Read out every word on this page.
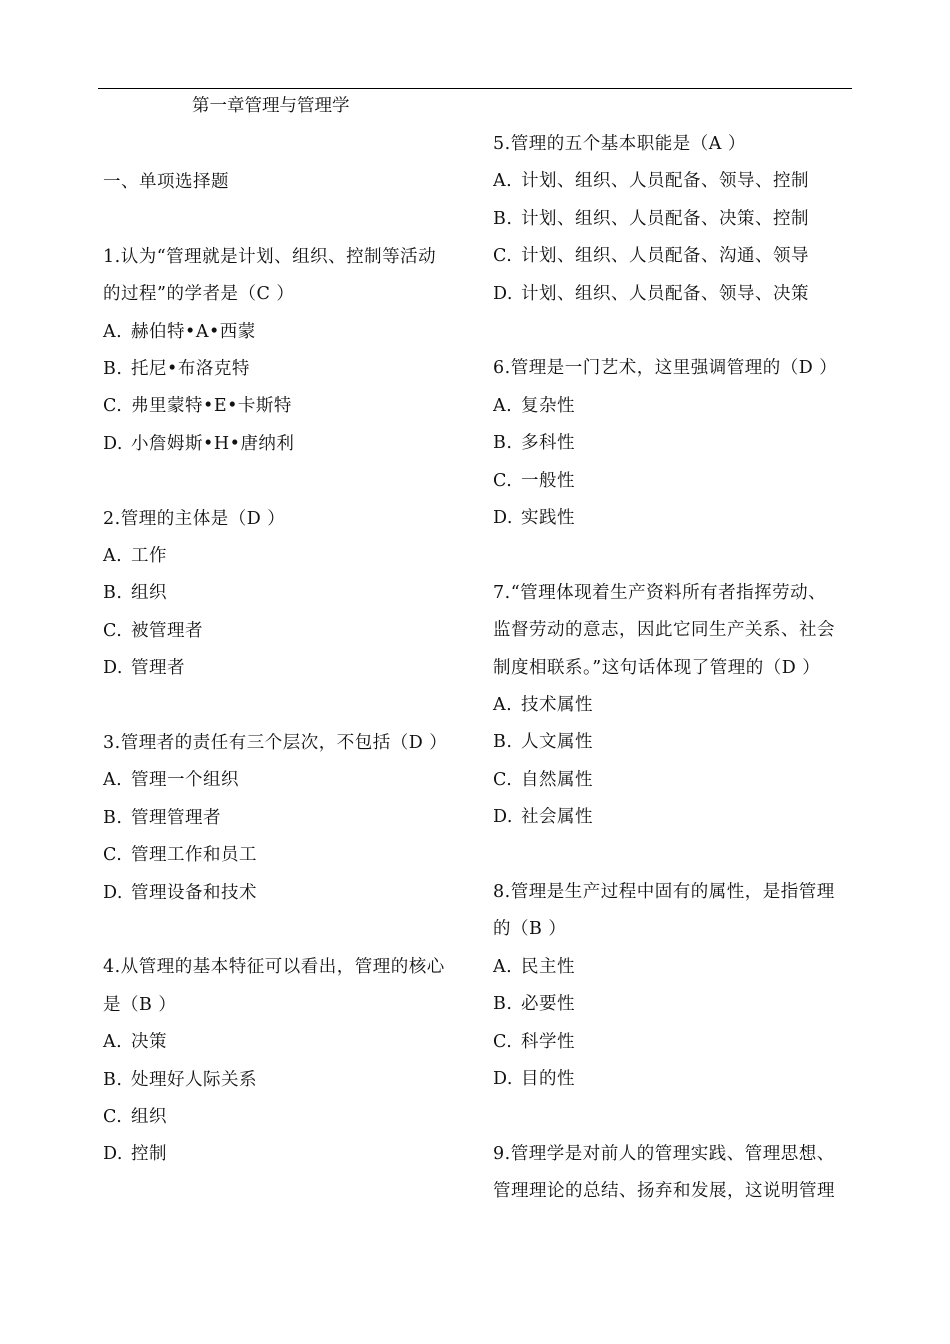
第一章管理与管理学
一、单项选择题
1.认为“管理就是计划、组织、控制等活动
的过程”的学者是（C ）
A. 赫伯特•A•西蒙
B. 托尼•布洛克特
C. 弗里蒙特•E•卡斯特
D. 小詹姆斯•H•唐纳利
2.管理的主体是（D ）
A. 工作
B. 组织
C. 被管理者
D. 管理者
3.管理者的责任有三个层次，不包括（D ）
A. 管理一个组织
B. 管理管理者
C. 管理工作和员工
D. 管理设备和技术
4.从管理的基本特征可以看出，管理的核心
是（B ）
A. 决策
B. 处理好人际关系
C. 组织
D. 控制
5.管理的五个基本职能是（A ）
A. 计划、组织、人员配备、领导、控制
B. 计划、组织、人员配备、决策、控制
C. 计划、组织、人员配备、沟通、领导
D. 计划、组织、人员配备、领导、决策
6.管理是一门艺术，这里强调管理的（D ）
A. 复杂性
B. 多科性
C. 一般性
D. 实践性
7.“管理体现着生产资料所有者指挥劳动、
监督劳动的意志，因此它同生产关系、社会
制度相联系。”这句话体现了管理的（D ）
A. 技术属性
B. 人文属性
C. 自然属性
D. 社会属性
8.管理是生产过程中固有的属性，是指管理
的（B ）
A. 民主性
B. 必要性
C. 科学性
D. 目的性
9.管理学是对前人的管理实践、管理思想、
管理理论的总结、扬弃和发展，这说明管理
